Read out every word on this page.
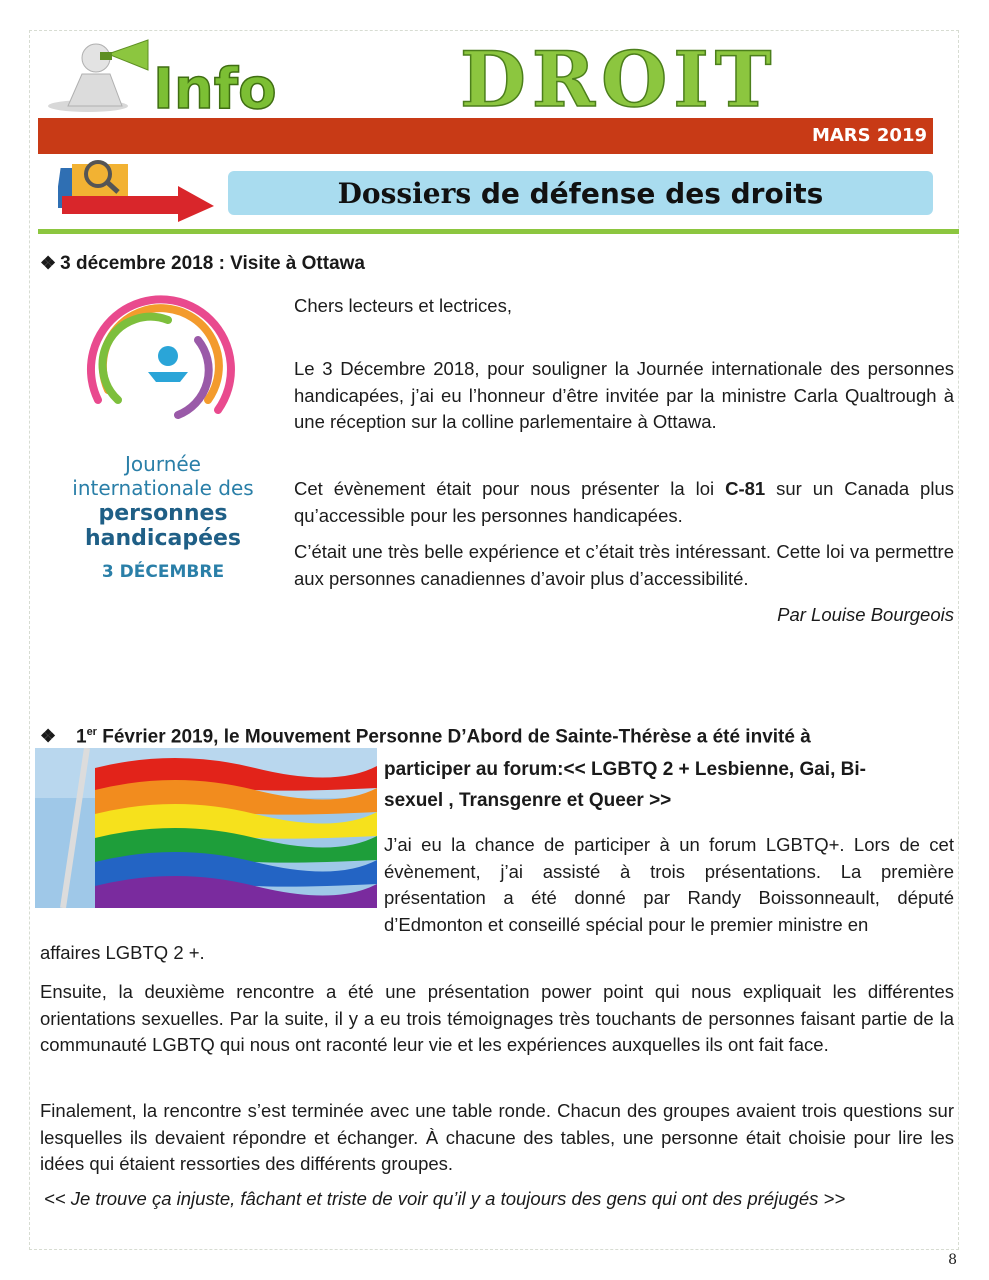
Info DROIT
MARS 2019
Dossiers de défense des droits
❖ 3 décembre 2018 : Visite à Ottawa
Journée
internationale des
personnes
handicapées
3 DÉCEMBRE
Chers lecteurs et lectrices,
Le 3 Décembre 2018, pour souligner la Journée internationale des personnes handicapées, j’ai eu l’honneur d’être invitée par la ministre Carla Qualtrough à une réception sur la colline parlementaire à Ottawa.
Cet évènement était pour nous présenter la loi C-81 sur un Canada plus qu’accessible pour les personnes handicapées.
C’était une très belle expérience et c’était très intéressant. Cette loi va permettre aux personnes canadiennes d’avoir plus d’accessibilité.
Par Louise Bourgeois
❖ 1er Février 2019, le Mouvement Personne D’Abord de Sainte-Thérèse a été invité à
participer au forum:<< LGBTQ 2 + Lesbienne, Gai, Bi-
sexuel , Transgenre et Queer >>
J’ai eu la chance de participer à un forum LGBTQ+. Lors de cet évènement, j’ai assisté à trois présentations. La première présentation a été donné par Randy Boissonneault, député d’Edmonton et conseillé spécial pour le premier ministre en
affaires LGBTQ 2 +.
Ensuite, la deuxième rencontre a été une présentation power point qui nous expliquait les différentes orientations sexuelles. Par la suite, il y a eu trois témoignages très touchants de personnes faisant partie de la communauté LGBTQ qui nous ont raconté leur vie et les expériences auxquelles ils ont fait face.
Finalement, la rencontre s’est terminée avec une table ronde. Chacun des groupes avaient trois questions sur lesquelles ils devaient répondre et échanger. À chacune des tables, une personne était choisie pour lire les idées qui étaient ressorties des différents groupes.
<< Je trouve ça injuste, fâchant et triste de voir qu’il y a toujours des gens qui ont des préjugés >>
8
